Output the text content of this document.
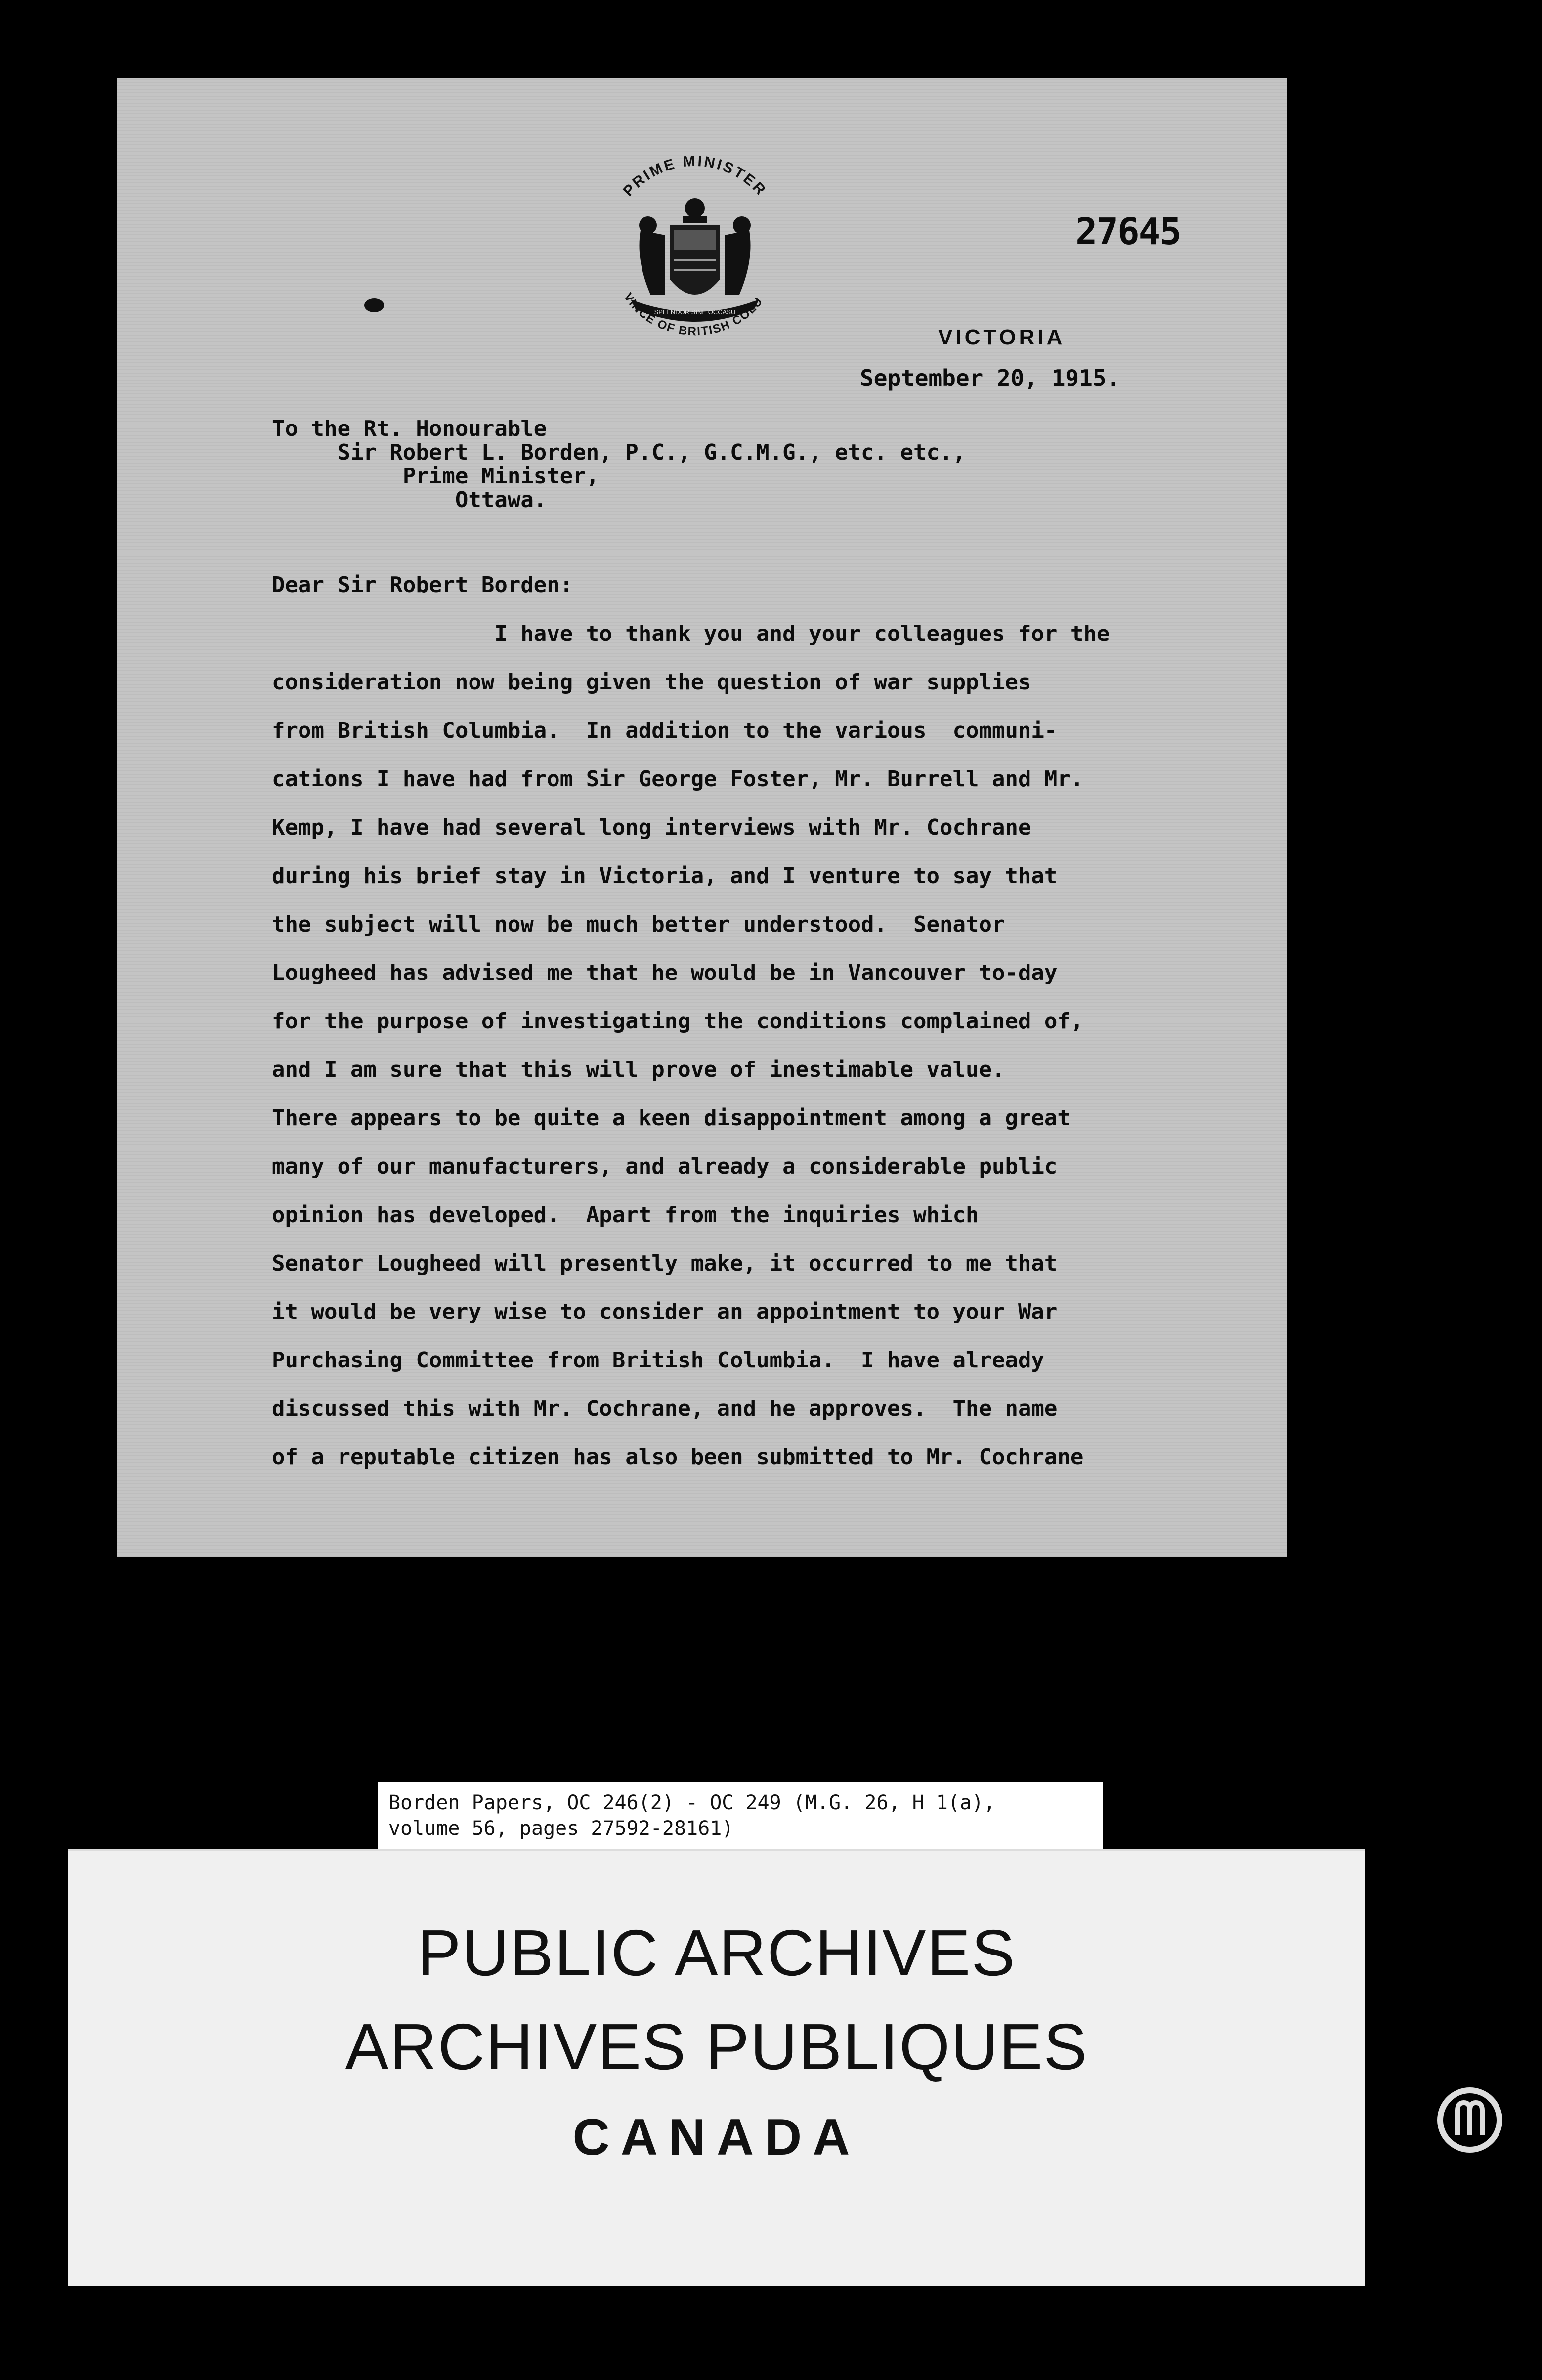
PRIME MINISTER
SPLENDOR SINE OCCASU
VINCE OF BRITISH COLU
27645
VICTORIA
September 20, 1915.
To the Rt. Honourable
Sir Robert L. Borden, P.C., G.C.M.G., etc. etc.,
Prime Minister,
Ottawa.
Dear Sir Robert Borden:
I have to thank you and your colleagues for the
consideration now being given the question of war supplies
from British Columbia.  In addition to the various  communi-
cations I have had from Sir George Foster, Mr. Burrell and Mr.
Kemp, I have had several long interviews with Mr. Cochrane
during his brief stay in Victoria, and I venture to say that
the subject will now be much better understood.  Senator
Lougheed has advised me that he would be in Vancouver to-day
for the purpose of investigating the conditions complained of,
and I am sure that this will prove of inestimable value.
There appears to be quite a keen disappointment among a great
many of our manufacturers, and already a considerable public
opinion has developed.  Apart from the inquiries which
Senator Lougheed will presently make, it occurred to me that
it would be very wise to consider an appointment to your War
Purchasing Committee from British Columbia.  I have already
discussed this with Mr. Cochrane, and he approves.  The name
of a reputable citizen has also been submitted to Mr. Cochrane
Borden Papers, OC 246(2) - OC 249 (M.G. 26, H 1(a),
volume 56, pages 27592-28161)
PUBLIC ARCHIVES
ARCHIVES PUBLIQUES
CANADA
